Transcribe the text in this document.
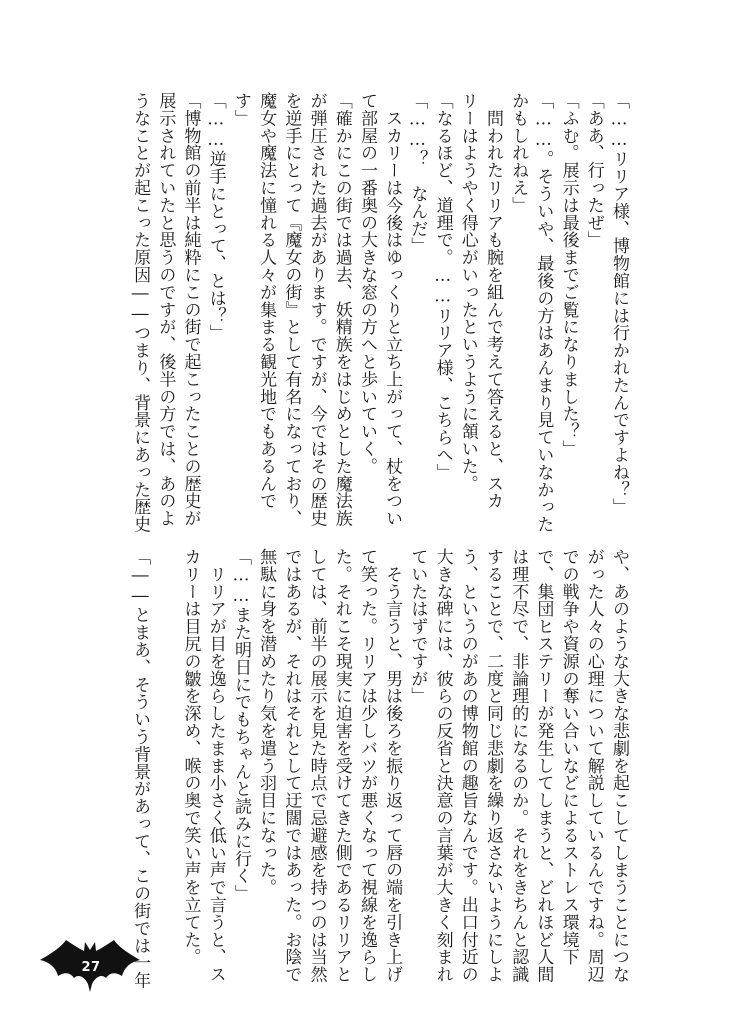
「……リリア様、博物館には行かれたんですよね？」
「ああ、行ったぜ」
「ふむ。展示は最後までご覧になりました？」
「……。そういや、最後の方はあんまり見ていなかった
かもしれねえ」
　問われたリリアも腕を組んで考えて答えると、スカ
リーはようやく得心がいったというように頷いた。
「なるほど、道理で。……リリア様、こちらへ」
「……？　なんだ」
　スカリーは今後はゆっくりと立ち上がって、杖をつい
て部屋の一番奥の大きな窓の方へと歩いていく。
「確かにこの街では過去、妖精族をはじめとした魔法族
が弾圧された過去があります。ですが、今ではその歴史
を逆手にとって『魔女の街』として有名になっており、
魔女や魔法に憧れる人々が集まる観光地でもあるんで
す」
「……逆手にとって、とは？」
「博物館の前半は純粋にこの街で起こったことの歴史が
展示されていたと思うのですが、後半の方では、あのよ
うなことが起こった原因――つまり、背景にあった歴史
や、あのような大きな悲劇を起こしてしまうことにつな
がった人々の心理について解説しているんですね。周辺
での戦争や資源の奪い合いなどによるストレス環境下
で、集団ヒステリーが発生してしまうと、どれほど人間
は理不尽で、非論理的になるのか。それをきちんと認識
することで、二度と同じ悲劇を繰り返さないようにしよ
う、というのがあの博物館の趣旨なんです。出口付近の
大きな碑には、彼らの反省と決意の言葉が大きく刻まれ
ていたはずですが」
　そう言うと、男は後ろを振り返って唇の端を引き上げ
て笑った。リリアは少しバツが悪くなって視線を逸らし
た。それこそ現実に迫害を受けてきた側であるリリアと
しては、前半の展示を見た時点で忌避感を持つのは当然
ではあるが、それはそれとして迂闊ではあった。お陰で
無駄に身を潜めたり気を遣う羽目になった。
「……また明日にでもちゃんと読みに行く」
　リリアが目を逸らしたまま小さく低い声で言うと、ス
カリーは目尻の皺を深め、喉の奥で笑い声を立てた。

「――とまあ、そういう背景があって、この街では一年
27
